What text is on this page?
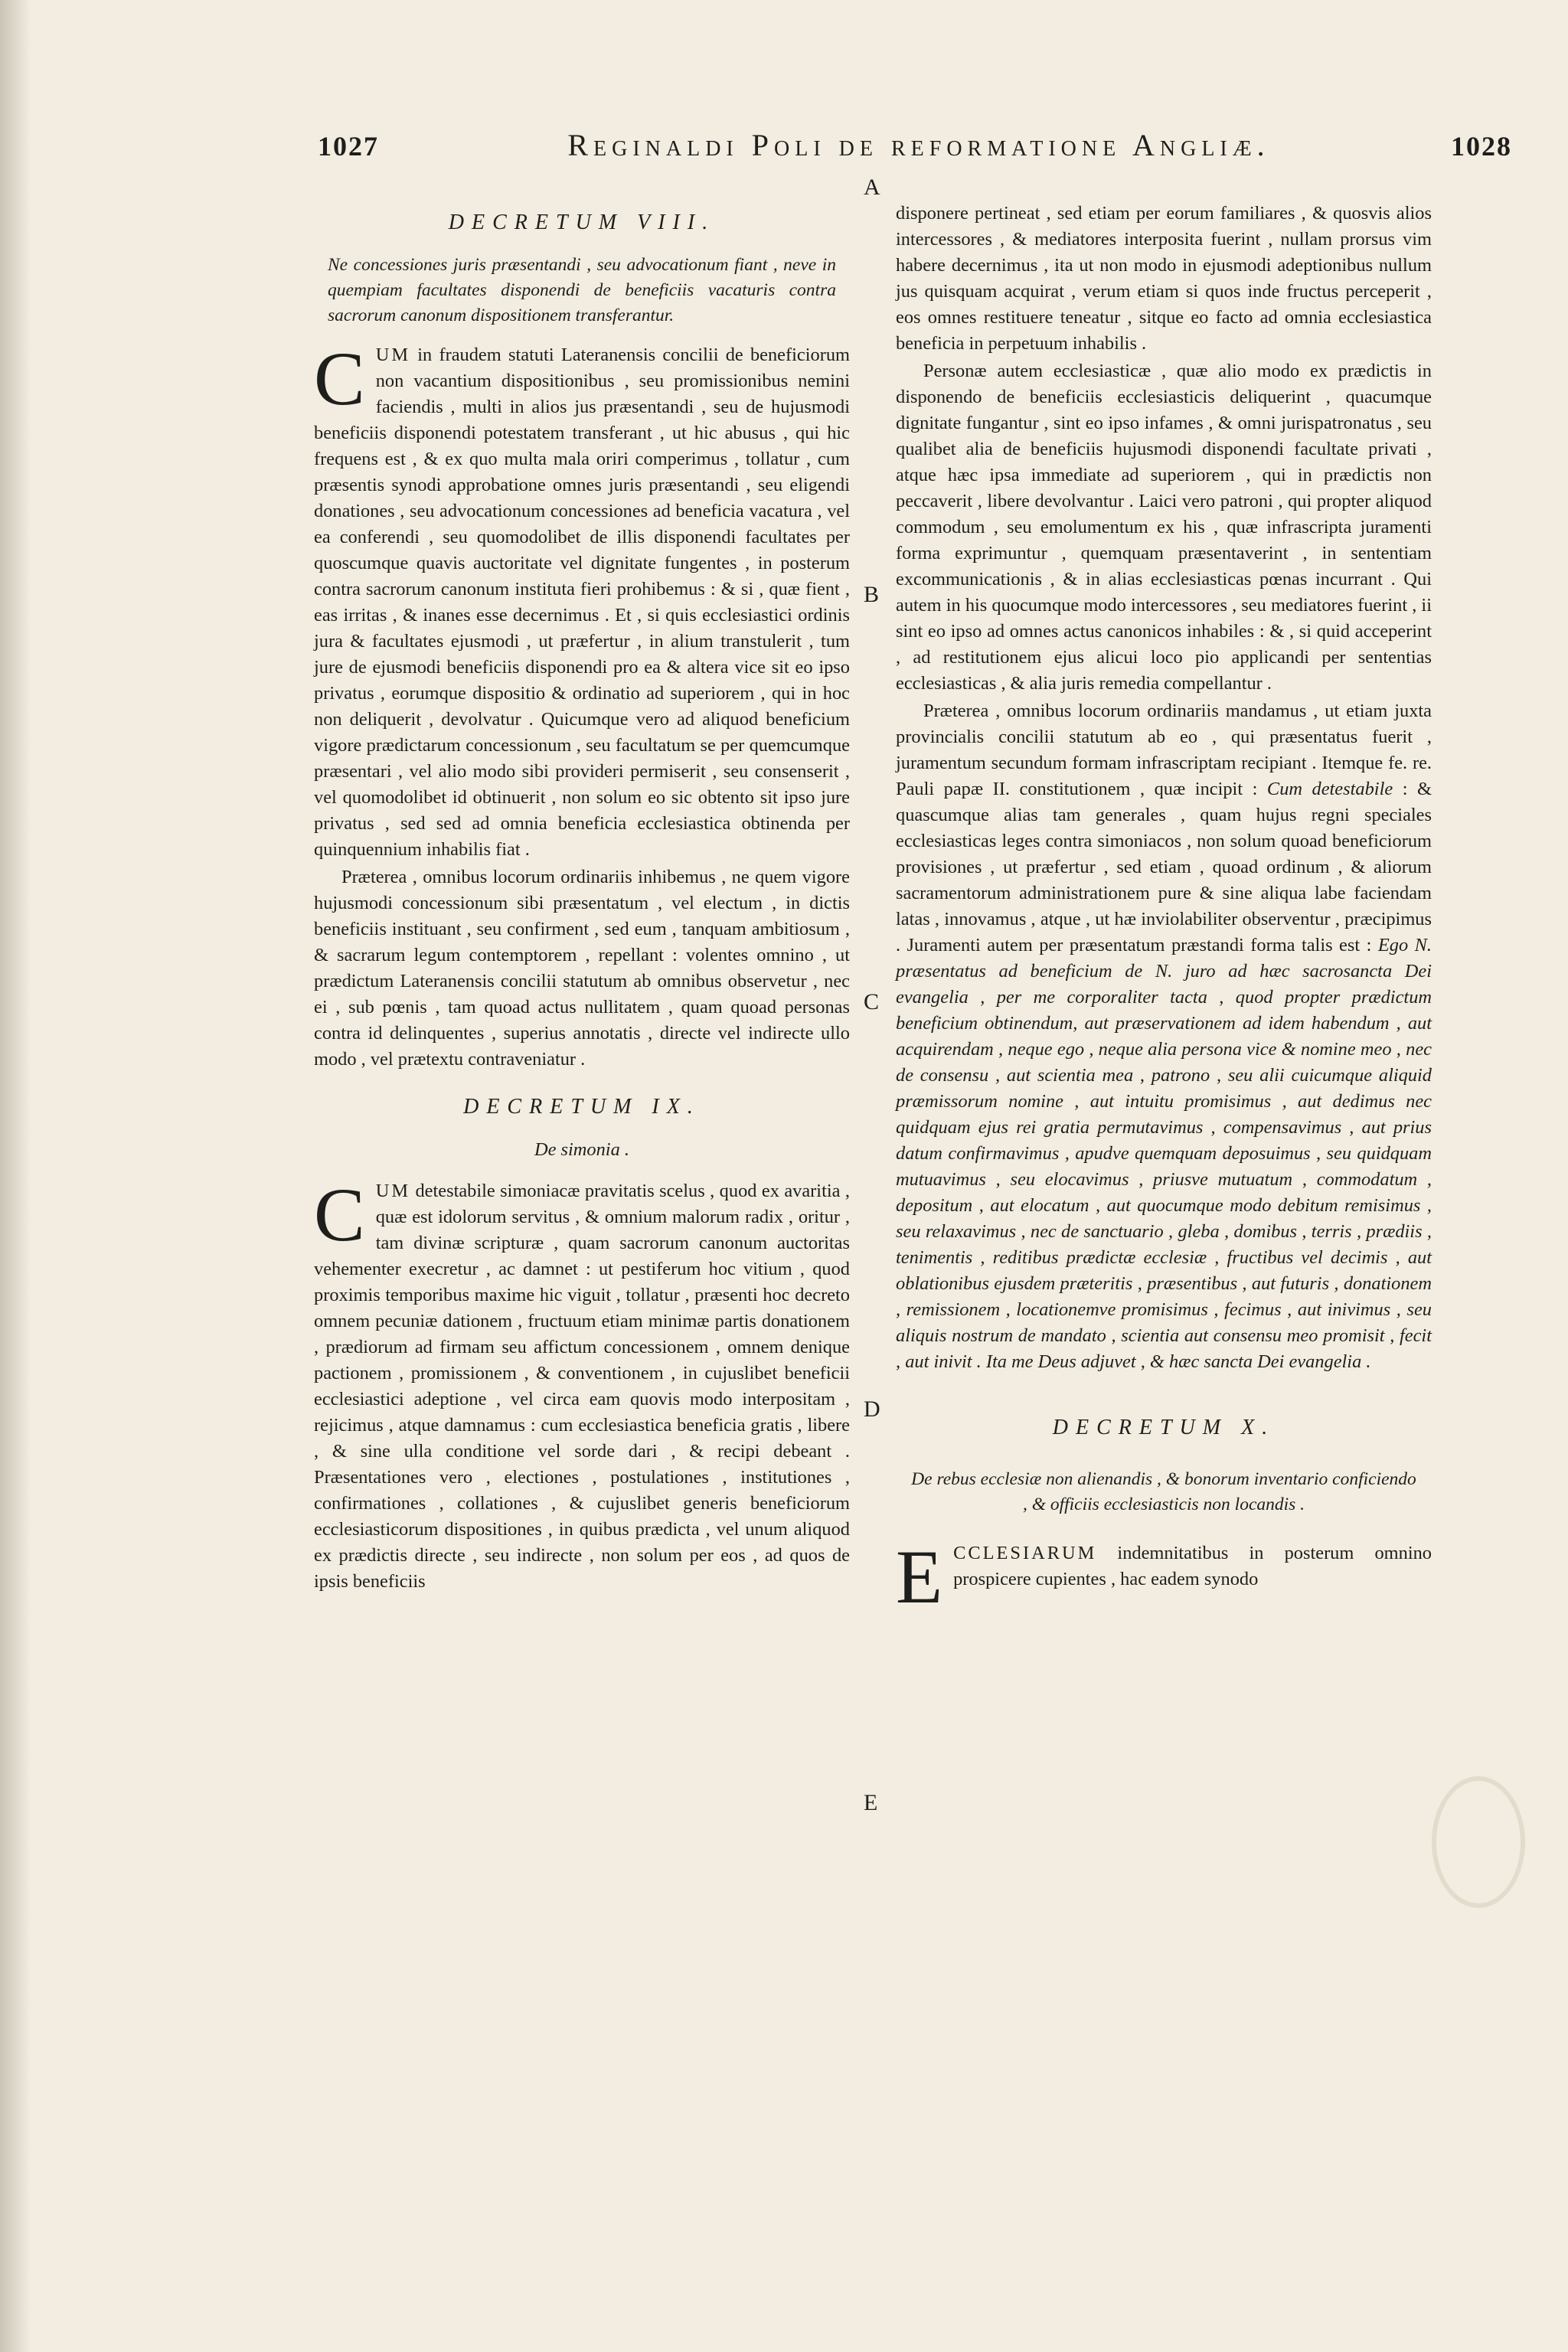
1027	Reginaldi Poli de reformatione Angliæ.	1028
A
B
C
D
E
DECRETUM VIII.
Ne concessiones juris præsentandi , seu advocationum fiant , neve in quempiam facultates disponendi de beneficiis vacaturis contra sacrorum canonum dispositionem transferantur.

C UM in fraudem statuti Lateranensis concilii de beneficiorum non vacantium dispositionibus , seu promissionibus nemini faciendis , multi in alios jus præsentandi , seu de hujusmodi beneficiis disponendi potestatem transferant , ut hic abusus , qui hic frequens est , & ex quo multa mala oriri comperimus , tollatur , cum præsentis synodi approbatione omnes juris præsentandi , seu eligendi donationes , seu advocationum concessiones ad beneficia vacatura , vel ea conferendi , seu quomodolibet de illis disponendi facultates per quoscumque quavis auctoritate vel dignitate fungentes , in posterum contra sacrorum canonum instituta fieri prohibemus : & si , quæ fient , eas irritas , & inanes esse decernimus . Et , si quis ecclesiastici ordinis jura & facultates ejusmodi , ut præfertur , in alium transtulerit , tum jure de ejusmodi beneficiis disponendi pro ea & altera vice sit eo ipso privatus , eorumque dispositio & ordinatio ad superiorem , qui in hoc non deliquerit , devolvatur . Quicumque vero ad aliquod beneficium vigore prædictarum concessionum , seu facultatum se per quemcumque præsentari , vel alio modo sibi provideri permiserit , seu consenserit , vel quomodolibet id obtinuerit , non solum eo sic obtento sit ipso jure privatus , sed sed ad omnia beneficia ecclesiastica obtinenda per quinquennium inhabilis fiat .

Præterea , omnibus locorum ordinariis inhibemus , ne quem vigore hujusmodi concessionum sibi præsentatum , vel electum , in dictis beneficiis instituant , seu confirment , sed eum , tanquam ambitiosum , & sacrarum legum contemptorem , repellant : volentes omnino , ut prædictum Lateranensis concilii statutum ab omnibus observetur , nec ei , sub pœnis , tam quoad actus nullitatem , quam quoad personas contra id delinquentes , superius annotatis , directe vel indirecte ullo modo , vel prætextu contraveniatur .

DECRETUM IX.
De simonia .

C UM detestabile simoniacæ pravitatis scelus , quod ex avaritia , quæ est idolorum servitus , & omnium malorum radix , oritur , tam divinæ scripturæ , quam sacrorum canonum auctoritas vehementer execretur , ac damnet : ut pestiferum hoc vitium , quod proximis temporibus maxime hic viguit , tollatur , præsenti hoc decreto omnem pecuniæ dationem , fructuum etiam minimæ partis donationem , prædiorum ad firmam seu affictum concessionem , omnem denique pactionem , promissionem , & conventionem , in cujuslibet beneficii ecclesiastici adeptione , vel circa eam quovis modo interpositam , rejicimus , atque damnamus : cum ecclesiastica beneficia gratis , libere , & sine ulla conditione vel sorde dari , & recipi debeant . Præsentationes vero , electiones , postulationes , institutiones , confirmationes , collationes , & cujuslibet generis beneficiorum ecclesiasticorum dispositiones , in quibus prædicta , vel unum aliquod ex prædictis directe , seu indirecte , non solum per eos , ad quos de ipsis beneficiis

disponere pertineat , sed etiam per eorum familiares , & quosvis alios intercessores , & mediatores interposita fuerint , nullam prorsus vim habere decernimus , ita ut non modo in ejusmodi adeptionibus nullum jus quisquam acquirat , verum etiam si quos inde fructus perceperit , eos omnes restituere teneatur , sitque eo facto ad omnia ecclesiastica beneficia in perpetuum inhabilis .

Personæ autem ecclesiasticæ , quæ alio modo ex prædictis in disponendo de beneficiis ecclesiasticis deliquerint , quacumque dignitate fungantur , sint eo ipso infames , & omni jurispatronatus , seu qualibet alia de beneficiis hujusmodi disponendi facultate privati , atque hæc ipsa immediate ad superiorem , qui in prædictis non peccaverit , libere devolvantur . Laici vero patroni , qui propter aliquod commodum , seu emolumentum ex his , quæ infrascripta juramenti forma exprimuntur , quemquam præsentaverint , in sententiam excommunicationis , & in alias ecclesiasticas pœnas incurrant . Qui autem in his quocumque modo intercessores , seu mediatores fuerint , ii sint eo ipso ad omnes actus canonicos inhabiles : & , si quid acceperint , ad restitutionem ejus alicui loco pio applicandi per sententias ecclesiasticas , & alia juris remedia compellantur .

Præterea , omnibus locorum ordinariis mandamus , ut etiam juxta provincialis concilii statutum ab eo , qui præsentatus fuerit , juramentum secundum formam infrascriptam recipiant . Itemque fe. re. Pauli papæ II. constitutionem , quæ incipit : Cum detestabile : & quascumque alias tam generales , quam hujus regni speciales ecclesiasticas leges contra simoniacos , non solum quoad beneficiorum provisiones , ut præfertur , sed etiam , quoad ordinum , & aliorum sacramentorum administrationem pure & sine aliqua labe faciendam latas , innovamus , atque , ut hæ inviolabiliter observentur , præcipimus . Juramenti autem per præsentatum præstandi forma talis est : Ego N. præsentatus ad beneficium de N. juro ad hæc sacrosancta Dei evangelia , per me corporaliter tacta , quod propter prædictum beneficium obtinendum, aut præservationem ad idem habendum , aut acquirendam , neque ego , neque alia persona vice & nomine meo , nec de consensu , aut scientia mea , patrono , seu alii cuicumque aliquid præmissorum nomine , aut intuitu promisimus , aut dedimus nec quidquam ejus rei gratia permutavimus , compensavimus , aut prius datum confirmavimus , apudve quemquam deposuimus , seu quidquam mutuavimus , seu elocavimus , priusve mutuatum , commodatum , depositum , aut elocatum , aut quocumque modo debitum remisimus , seu relaxavimus , nec de sanctuario , gleba , domibus , terris , prædiis , tenimentis , reditibus prædictæ ecclesiæ , fructibus vel decimis , aut oblationibus ejusdem præteritis , præsentibus , aut futuris , donationem , remissionem , locationemve promisimus , fecimus , aut inivimus , seu aliquis nostrum de mandato , scientia aut consensu meo promisit , fecit , aut inivit . Ita me Deus adjuvet , & hæc sancta Dei evangelia .

DECRETUM X.
De rebus ecclesiæ non alienandis , & bonorum inventario conficiendo , & officiis ecclesiasticis non locandis .

E CCLESIARUM indemnitatibus in posterum omnino prospicere cupientes , hac eadem synodo
